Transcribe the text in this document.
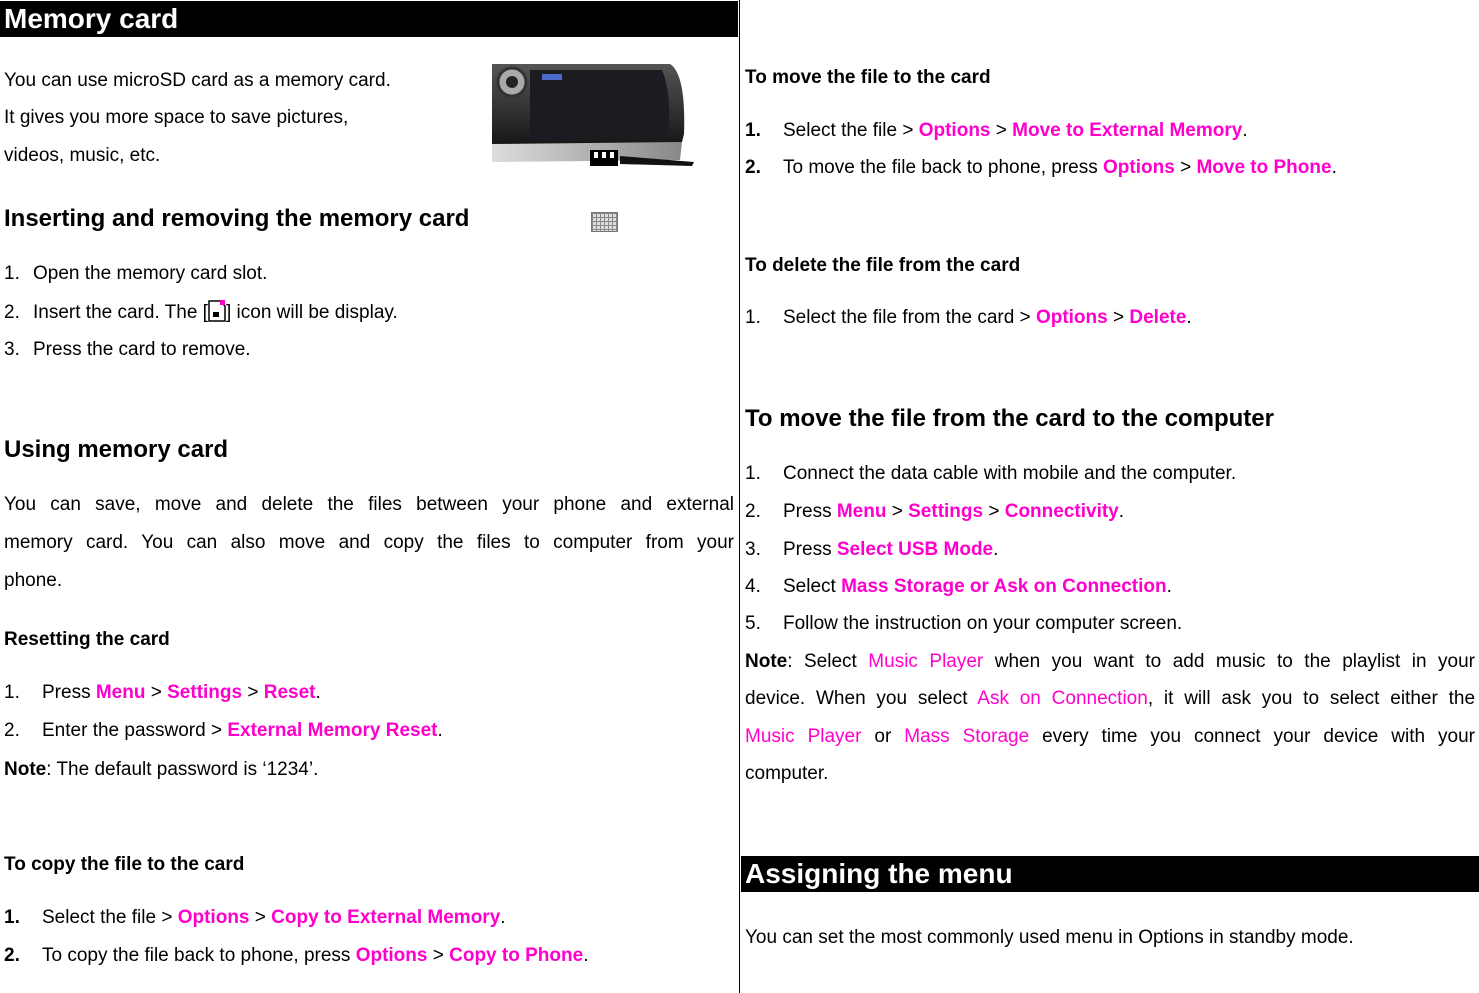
Memory card
You can use microSD card as a memory card.
It gives you more space to save pictures,
videos, music, etc.
Inserting and removing the memory card
1. Open the memory card slot.
2. Insert the card. The [ ] icon will be display.
3. Press the card to remove.
Using memory card
You can save, move and delete the files between your phone and external
memory card. You can also move and copy the files to computer from your
phone.
Resetting the card
1. Press Menu > Settings > Reset.
2. Enter the password > External Memory Reset.
Note: The default password is ‘1234’.
To copy the file to the card
1. Select the file > Options > Copy to External Memory.
2. To copy the file back to phone, press Options > Copy to Phone.
To move the file to the card
1. Select the file > Options > Move to External Memory.
2. To move the file back to phone, press Options > Move to Phone.
To delete the file from the card
1. Select the file from the card > Options > Delete.
To move the file from the card to the computer
1. Connect the data cable with mobile and the computer.
2. Press Menu > Settings > Connectivity.
3. Press Select USB Mode.
4. Select Mass Storage or Ask on Connection.
5. Follow the instruction on your computer screen.
Note: Select Music Player when you want to add music to the playlist in your
device. When you select Ask on Connection, it will ask you to select either the
Music Player or Mass Storage every time you connect your device with your
computer.
Assigning the menu
You can set the most commonly used menu in Options in standby mode.
